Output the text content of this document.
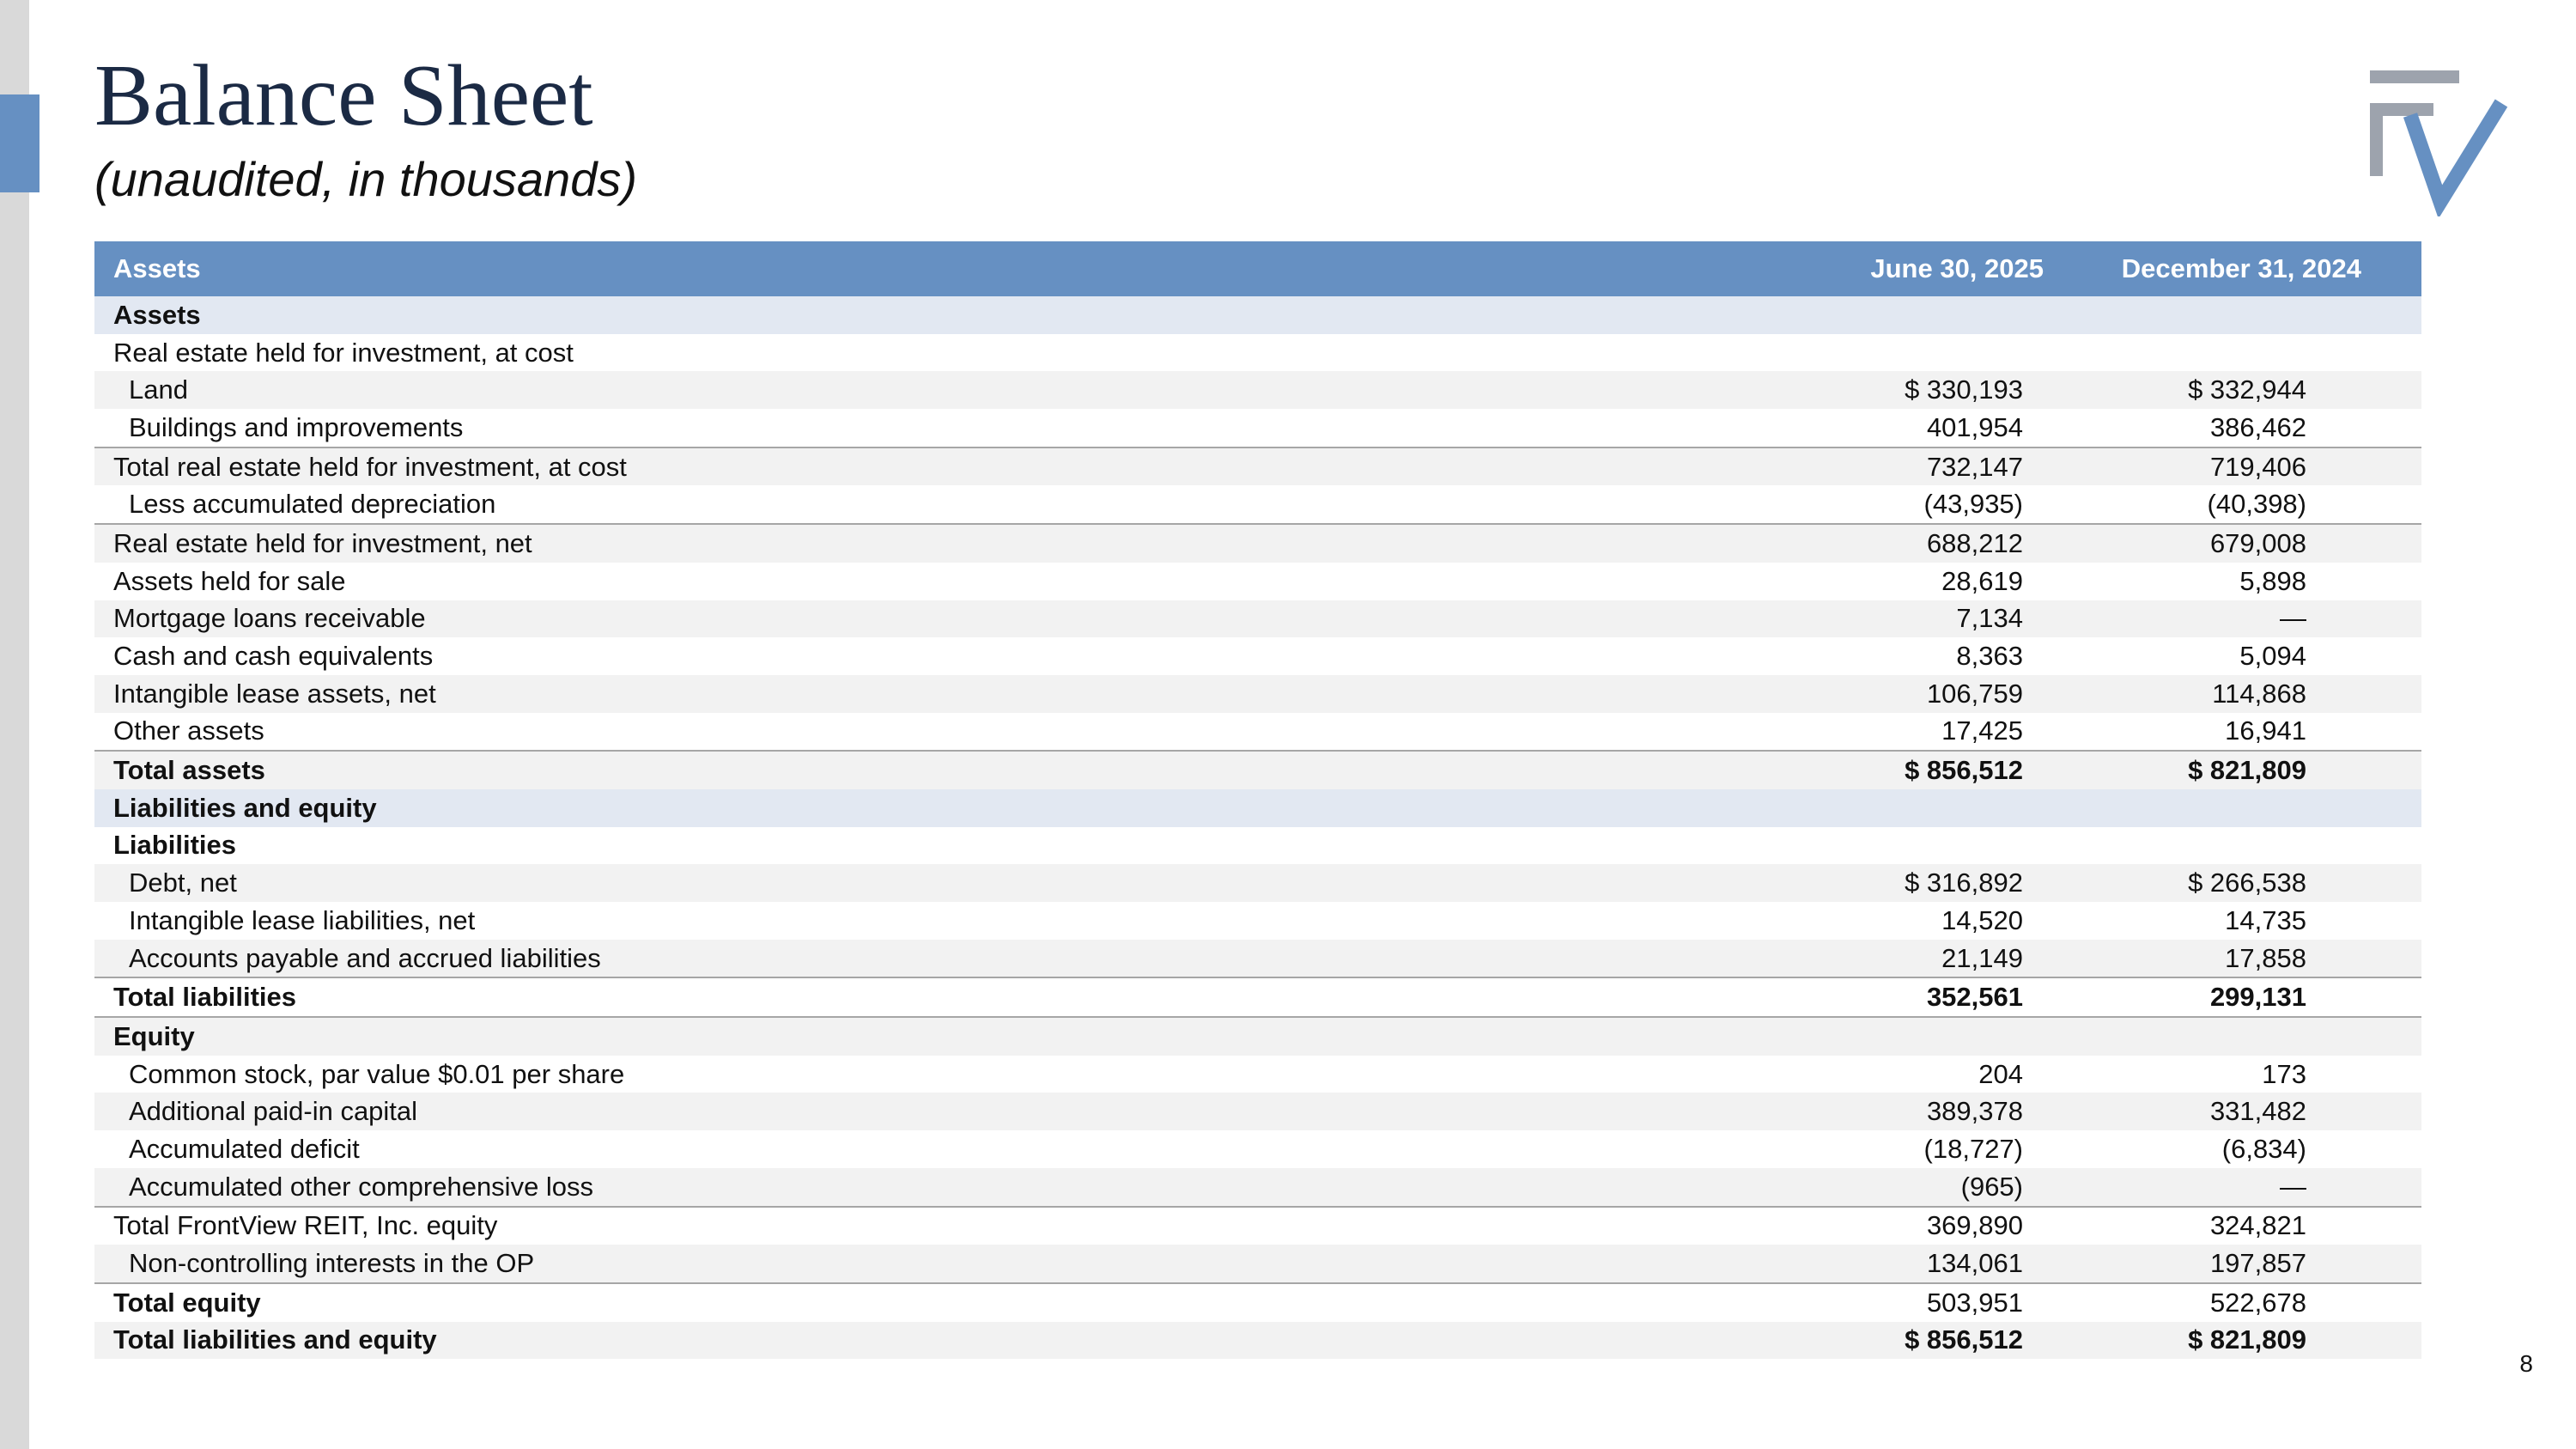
Balance Sheet
(unaudited, in thousands)
Assets	June 30, 2025	December 31, 2024
Assets		
Real estate held for investment, at cost		
Land	$ 330,193	$ 332,944
Buildings and improvements	401,954	386,462
Total real estate held for investment, at cost	732,147	719,406
Less accumulated depreciation	(43,935)	(40,398)
Real estate held for investment, net	688,212	679,008
Assets held for sale	28,619	5,898
Mortgage loans receivable	7,134	—
Cash and cash equivalents	8,363	5,094
Intangible lease assets, net	106,759	114,868
Other assets	17,425	16,941
Total assets	$ 856,512	$ 821,809
Liabilities and equity		
Liabilities		
Debt, net	$ 316,892	$ 266,538
Intangible lease liabilities, net	14,520	14,735
Accounts payable and accrued liabilities	21,149	17,858
Total liabilities	352,561	299,131
Equity		
Common stock, par value $0.01 per share	204	173
Additional paid-in capital	389,378	331,482
Accumulated deficit	(18,727)	(6,834)
Accumulated other comprehensive loss	(965)	—
Total FrontView REIT, Inc. equity	369,890	324,821
Non-controlling interests in the OP	134,061	197,857
Total equity	503,951	522,678
Total liabilities and equity	$ 856,512	$ 821,809
8
